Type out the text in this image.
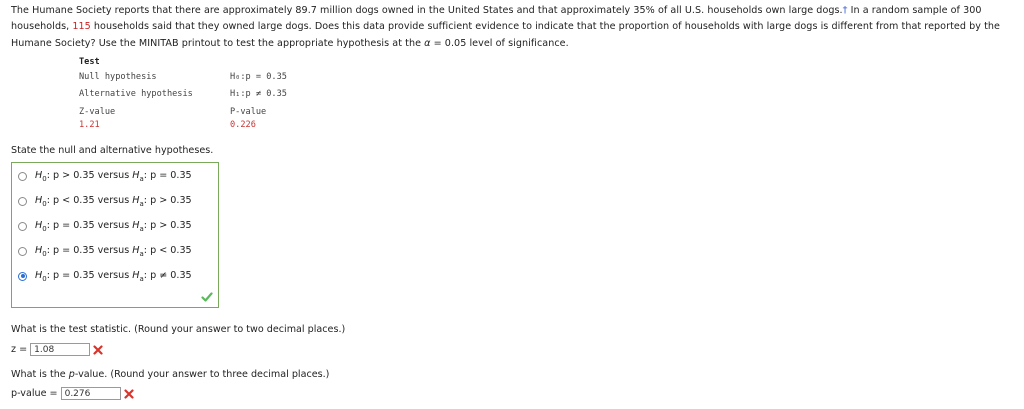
The Humane Society reports that there are approximately 89.7 million dogs owned in the United States and that approximately 35% of all U.S. households own large dogs.† In a random sample of 300 households, 115 households said that they owned large dogs. Does this data provide sufficient evidence to indicate that the proportion of households with large dogs is different from that reported by the Humane Society? Use the MINITAB printout to test the appropriate hypothesis at the α = 0.05 level of significance.
Test
Null hypothesis	H₀:p = 0.35
Alternative hypothesis	H₁:p ≠ 0.35
Z-value	P-value
1.21	0.226
State the null and alternative hypotheses.
$H_0$: p > 0.35 versus $H_a$: p = 0.35
$H_0$: p < 0.35 versus $H_a$: p > 0.35
$H_0$: p = 0.35 versus $H_a$: p > 0.35
$H_0$: p = 0.35 versus $H_a$: p < 0.35
$H_0$: p = 0.35 versus $H_a$: p ≠ 0.35
What is the test statistic. (Round your answer to two decimal places.)
z = 1.08
What is the p-value. (Round your answer to three decimal places.)
p-value = 0.276
